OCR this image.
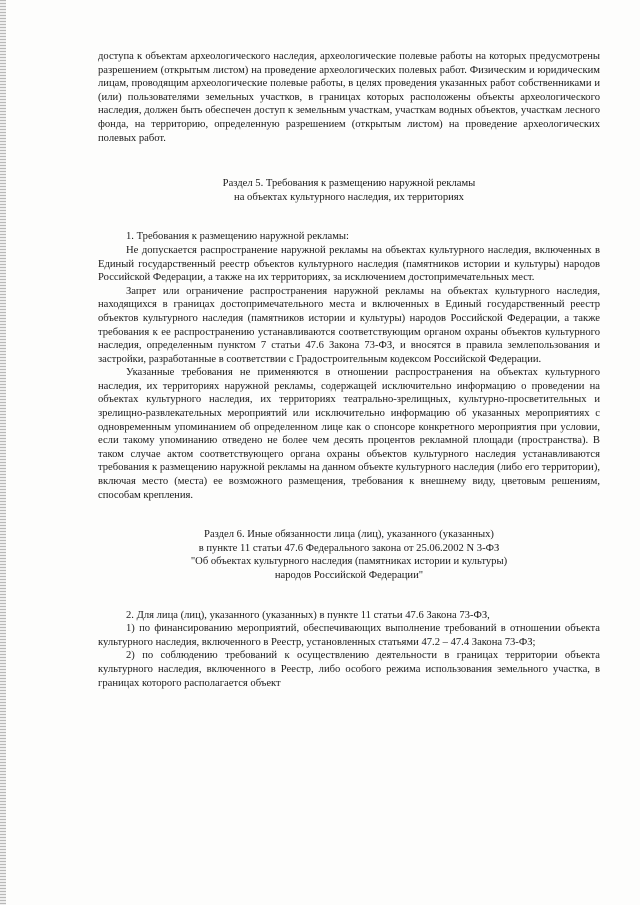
доступа к объектам археологического наследия, археологические полевые работы на которых предусмотрены разрешением (открытым листом) на проведение археологических полевых работ. Физическим и юридическим лицам, проводящим археологические полевые работы, в целях проведения указанных работ собственниками и (или) пользователями земельных участков, в границах которых расположены объекты археологического наследия, должен быть обеспечен доступ к земельным участкам, участкам водных объектов, участкам лесного фонда, на территорию, определенную разрешением (открытым листом) на проведение археологических полевых работ.

Раздел 5. Требования к размещению наружной рекламы

на объектах культурного наследия, их территориях

1. Требования к размещению наружной рекламы:

Не допускается распространение наружной рекламы на объектах культурного наследия, включенных в Единый государственный реестр объектов культурного наследия (памятников истории и культуры) народов Российской Федерации, а также на их территориях, за исключением достопримечательных мест.

Запрет или ограничение распространения наружной рекламы на объектах культурного наследия, находящихся в границах достопримечательного места и включенных в Единый государственный реестр объектов культурного наследия (памятников истории и культуры) народов Российской Федерации, а также требования к ее распространению устанавливаются соответствующим органом охраны объектов культурного наследия, определенным пунктом 7 статьи 47.6 Закона 73-ФЗ, и вносятся в правила землепользования и застройки, разработанные в соответствии с Градостроительным кодексом Российской Федерации.

Указанные требования не применяются в отношении распространения на объектах культурного наследия, их территориях наружной рекламы, содержащей исключительно информацию о проведении на объектах культурного наследия, их территориях театрально-зрелищных, культурно-просветительных и зрелищно-развлекательных мероприятий или исключительно информацию об указанных мероприятиях с одновременным упоминанием об определенном лице как о спонсоре конкретного мероприятия при условии, если такому упоминанию отведено не более чем десять процентов рекламной площади (пространства). В таком случае актом соответствующего органа охраны объектов культурного наследия устанавливаются требования к размещению наружной рекламы на данном объекте культурного наследия (либо его территории), включая место (места) ее возможного размещения, требования к внешнему виду, цветовым решениям, способам крепления.

Раздел 6. Иные обязанности лица (лиц), указанного (указанных)

в пункте 11 статьи 47.6 Федерального закона от 25.06.2002 N 3-ФЗ

"Об объектах культурного наследия (памятниках истории и культуры)

народов Российской Федерации"

2. Для лица (лиц), указанного (указанных) в пункте 11 статьи 47.6 Закона 73-ФЗ,

1) по финансированию мероприятий, обеспечивающих выполнение требований в отношении объекта культурного наследия, включенного в Реестр, установленных статьями 47.2 – 47.4 Закона 73-ФЗ;

2) по соблюдению требований к осуществлению деятельности в границах территории объекта культурного наследия, включенного в Реестр, либо особого режима использования земельного участка, в границах которого располагается объект
